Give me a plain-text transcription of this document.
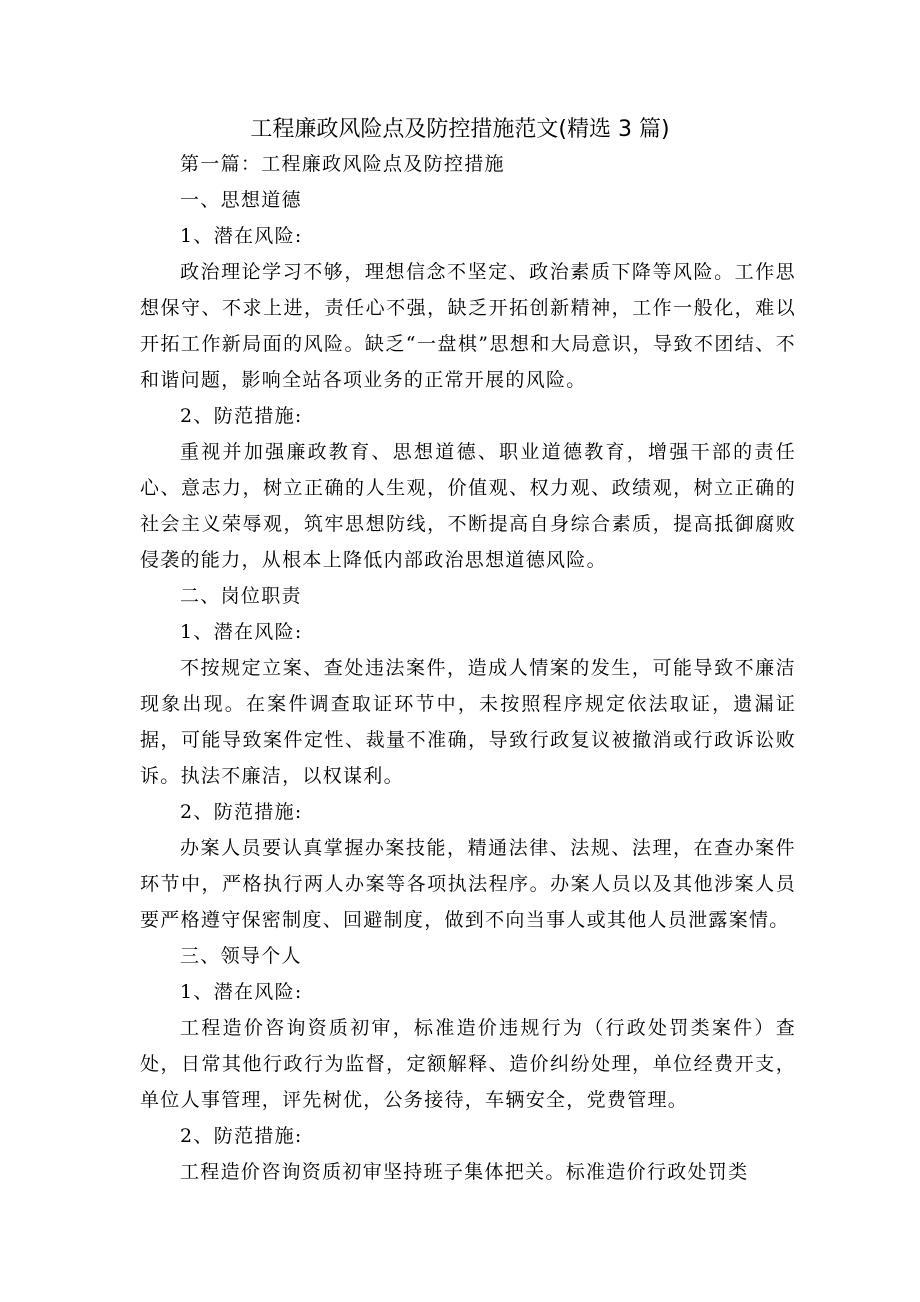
工程廉政风险点及防控措施范文(精选 3 篇)
第一篇：工程廉政风险点及防控措施
一、思想道德
1、潜在风险:

政治理论学习不够，理想信念不坚定、政治素质下降等风险。工作思想保守、不求上进，责任心不强，缺乏开拓创新精神，工作一般化，难以开拓工作新局面的风险。缺乏“一盘棋”思想和大局意识，导致不团结、不和谐问题，影响全站各项业务的正常开展的风险。

2、防范措施:

重视并加强廉政教育、思想道德、职业道德教育，增强干部的责任心、意志力，树立正确的人生观，价值观、权力观、政绩观，树立正确的社会主义荣辱观，筑牢思想防线，不断提高自身综合素质，提高抵御腐败侵袭的能力，从根本上降低内部政治思想道德风险。

二、岗位职责
1、潜在风险:

不按规定立案、查处违法案件，造成人情案的发生，可能导致不廉洁现象出现。在案件调查取证环节中，未按照程序规定依法取证，遗漏证据，可能导致案件定性、裁量不准确，导致行政复议被撤消或行政诉讼败诉。执法不廉洁，以权谋利。

2、防范措施:

办案人员要认真掌握办案技能，精通法律、法规、法理，在查办案件环节中，严格执行两人办案等各项执法程序。办案人员以及其他涉案人员要严格遵守保密制度、回避制度，做到不向当事人或其他人员泄露案情。

三、领导个人
1、潜在风险:

工程造价咨询资质初审，标准造价违规行为（行政处罚类案件）查处，日常其他行政行为监督，定额解释、造价纠纷处理，单位经费开支，单位人事管理，评先树优，公务接待，车辆安全，党费管理。

2、防范措施:

工程造价咨询资质初审坚持班子集体把关。标准造价行政处罚类
